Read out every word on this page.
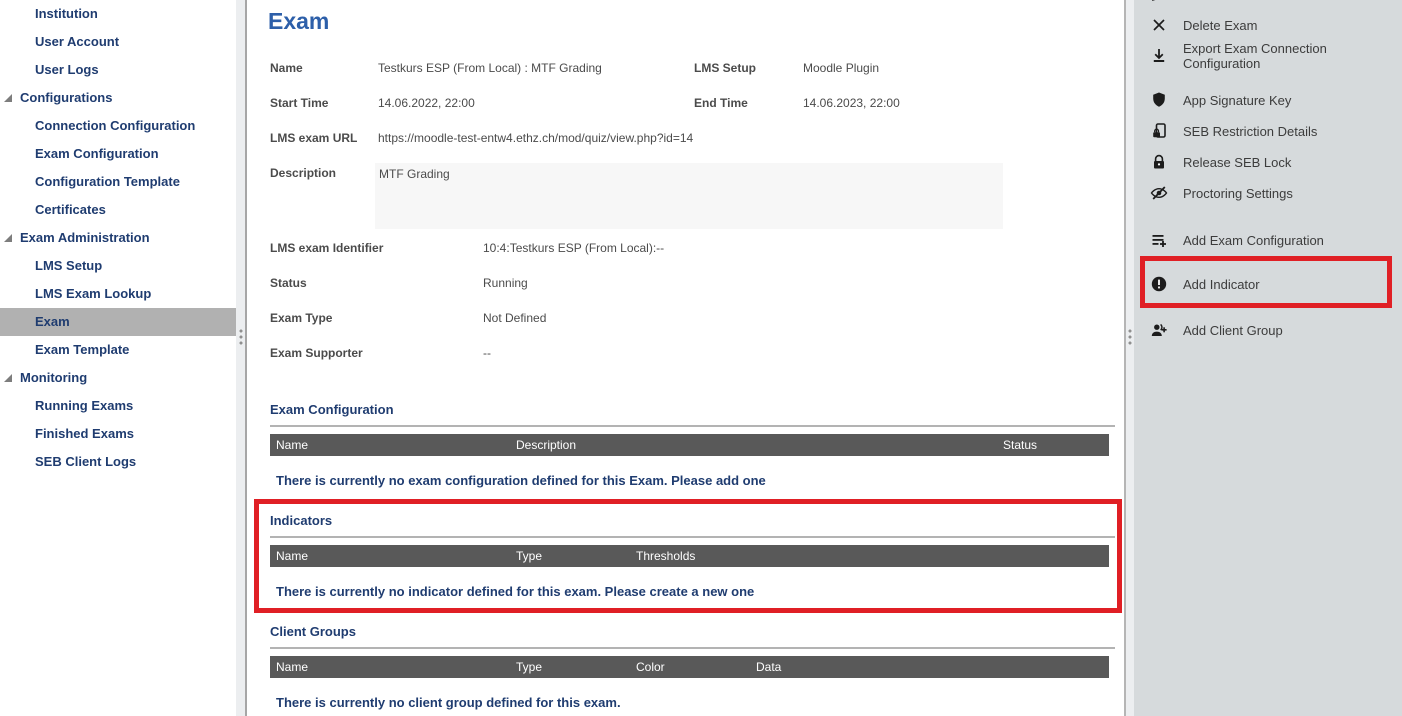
Institution
User Account
User Logs
Configurations
Connection Configuration
Exam Configuration
Configuration Template
Certificates
Exam Administration
LMS Setup
LMS Exam Lookup
Exam
Exam Template
Monitoring
Running Exams
Finished Exams
SEB Client Logs
Exam
Name	Testkurs ESP (From Local) : MTF Grading	LMS Setup	Moodle Plugin
Start Time	14.06.2022, 22:00	End Time	14.06.2023, 22:00
LMS exam URL https://moodle-test-entw4.ethz.ch/mod/quiz/view.php?id=14
Description	MTF Grading
LMS exam Identifier	10:4:Testkurs ESP (From Local):--
Status	Running
Exam Type	Not Defined
Exam Supporter	--
Exam Configuration
Name	Description	Status
There is currently no exam configuration defined for this Exam. Please add one
Indicators
Name	Type	Thresholds
There is currently no indicator defined for this exam. Please create a new one
Client Groups
Name	Type	Color	Data
There is currently no client group defined for this exam.
Delete Exam
Export Exam Connection Configuration
App Signature Key
SEB Restriction Details
Release SEB Lock
Proctoring Settings
Add Exam Configuration
Add Indicator
Add Client Group
